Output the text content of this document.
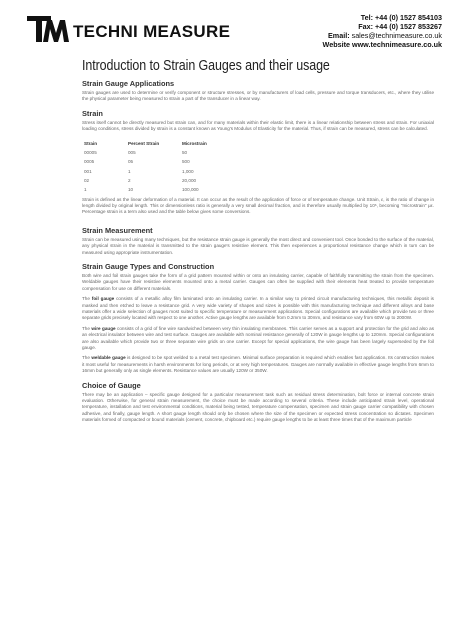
TECHNI MEASURE
Tel: +44 (0) 1527 854103
Fax: +44 (0) 1527 853267
Email: sales@technimeasure.co.uk
Website www.technimeasure.co.uk
Introduction to Strain Gauges and their usage
Strain Gauge Applications

Strain gauges are used to determine or verify component or structure stresses, or by manufacturers of load cells, pressure and torque transducers, etc., where they utilise the physical parameter being measured to strain a part of the transducer in a linear way.

Strain

Stress itself cannot be directly measured but strain can, and for many materials within their elastic limit, there is a linear relationship between stress and strain. For uniaxial loading conditions, stress divided by strain is a constant known as Young's Modulus of Elasticity for the material. Thus, if strain can be measured, stress can be calculated.

Strain	Percent Strain	Microstrain
00005	005	50
0005	05	500
001	1	1,000
02	2	20,000
1	10	100,000

Strain is defined as the linear deformation of a material. It can occur as the result of the application of force or of temperature change. Unit Strain, ε, is the ratio of change in length divided by original length. This or dimensionless ratio is generally a very small decimal fraction, and is therefore usually multiplied by 10⁶, becoming "microstrain" με. Percentage strain is a term also used and the table below gives some conversions.

Strain Measurement

Strain can be measured using many techniques, but the resistance strain gauge is generally the most direct and convenient tool. Once bonded to the surface of the material, any physical strain in the material is transmitted to the strain gauge's resistive element. This then experiences a proportional resistance change which in turn can be measured using appropriate instrumentation.

Strain Gauge Types and Construction

Both wire and foil strain gauges take the form of a grid pattern mounted within or onto an insulating carrier, capable of faithfully transmitting the strain from the specimen. Weldable gauges have their resistive elements mounted onto a metal carrier. Gauges can often be supplied with their elements heat treated to provide temperature compensation for use on different materials.

The foil gauge consists of a metallic alloy film laminated onto an insulating carrier. In a similar way to printed circuit manufacturing techniques, this metallic deposit is masked and then etched to leave a resistance grid. A very wide variety of shapes and sizes is possible with this manufacturing technique and different alloys and base materials offer a wide selection of gauges most suited to specific temperature or measurement applications. Special configurations are available which provide two or three separate grids precisely located with respect to one another. Active gauge lengths are available from 0.2mm to 30mm, and resistance vary from 60W up to 2000W.

The wire gauge consists of a grid of fine wire sandwiched between very thin insulating membranes. This carrier serves as a support and protection for the grid and also as an electrical insulator between wire and test surface. Gauges are available with nominal resistance generally of 120W in gauge lengths up to 120mm. Special configurations are also available which provide two or three separate wire grids on one carrier. Except for special applications, the wire gauge has been largely superseded by the foil gauge.

The weldable gauge is designed to be spot welded to a metal test specimen. Minimal surface preparation is required which enables fast application. Its construction makes it most useful for measurements in harsh environments for long periods, or at very high temperatures. Gauges are normally available in effective gauge lengths from 6mm to 16mm but generally only as single elements. Resistance values are usually 120W or 350W.

Choice of Gauge

There may be an application – specific gauge designed for a particular measurement task such as residual stress determination, bolt force or internal concrete strain evaluation. Otherwise, for general strain measurement, the choice must be made according to several criteria. These include anticipated strain level, operational temperature, installation and test environmental conditions, material being tested, temperature compensation, specimen and strain gauge carrier compatibility with chosen adhesive, and finally, gauge length. A short gauge length should only be chosen where the size of the specimen or expected stress concentration so dictates. Specimen materials formed of compacted or bound materials (cement, concrete, chipboard etc.) require gauge lengths to be at least three times that of the maximum particle
